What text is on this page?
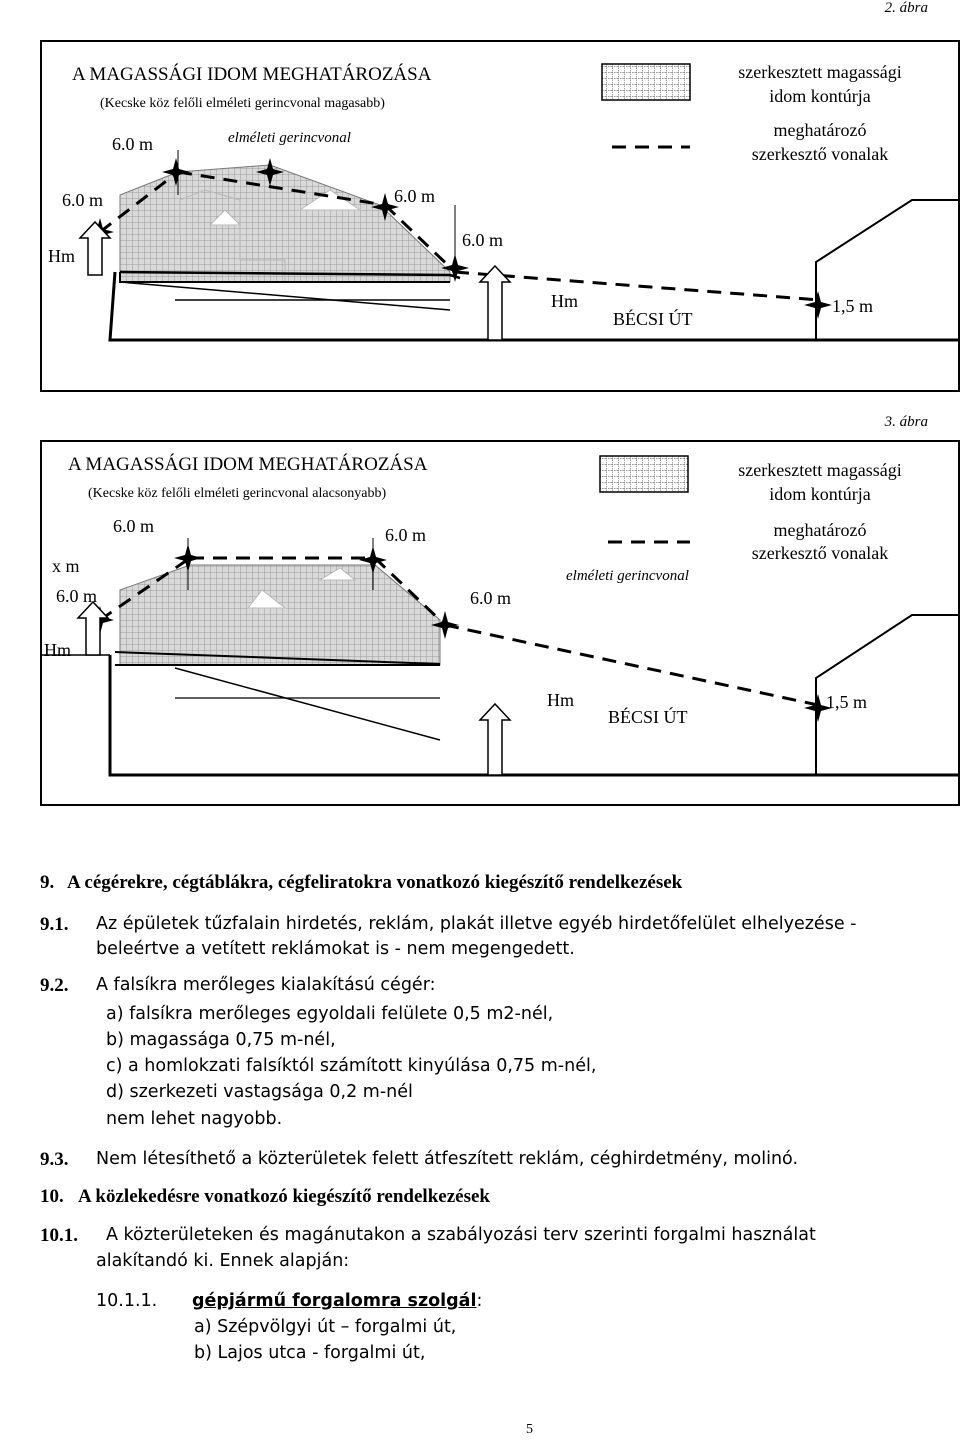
2. ábra
A MAGASSÁGI IDOM MEGHATÁROZÁSA
(Kecske köz felőli elméleti gerincvonal magasabb)
szerkesztett magassági
idom kontúrja
meghatározó
szerkesztő vonalak
6.0 m	elméleti gerincvonal
6.0 m	6.0 m
6.0 m
Hm
Hm
BÉCSI ÚT
1,5 m
3. ábra
A MAGASSÁGI IDOM MEGHATÁROZÁSA
(Kecske köz felőli elméleti gerincvonal alacsonyabb)
szerkesztett magassági
idom kontúrja
meghatározó
szerkesztő vonalak
elméleti gerincvonal
6.0 m	6.0 m
x m
6.0 m	6.0 m
Hm
Hm
BÉCSI ÚT
1,5 m
9. A cégérekre, cégtáblákra, cégfeliratokra vonatkozó kiegészítő rendelkezések
9.1. Az épületek tűzfalain hirdetés, reklám, plakát illetve egyéb hirdetőfelület elhelyezése -
beleértve a vetített reklámokat is - nem megengedett.
9.2. A falsíkra merőleges kialakítású cégér:
a) falsíkra merőleges egyoldali felülete 0,5 m2-nél,
b) magassága 0,75 m-nél,
c) a homlokzati falsíktól számított kinyúlása 0,75 m-nél,
d) szerkezeti vastagsága 0,2 m-nél
nem lehet nagyobb.
9.3. Nem létesíthető a közterületek felett átfeszített reklám, céghirdetmény, molinó.
10. A közlekedésre vonatkozó kiegészítő rendelkezések
10.1. A közterületeken és magánutakon a szabályozási terv szerinti forgalmi használat
alakítandó ki. Ennek alapján:
10.1.1. gépjármű forgalomra szolgál:
a) Szépvölgyi út – forgalmi út,
b) Lajos utca - forgalmi út,
5
